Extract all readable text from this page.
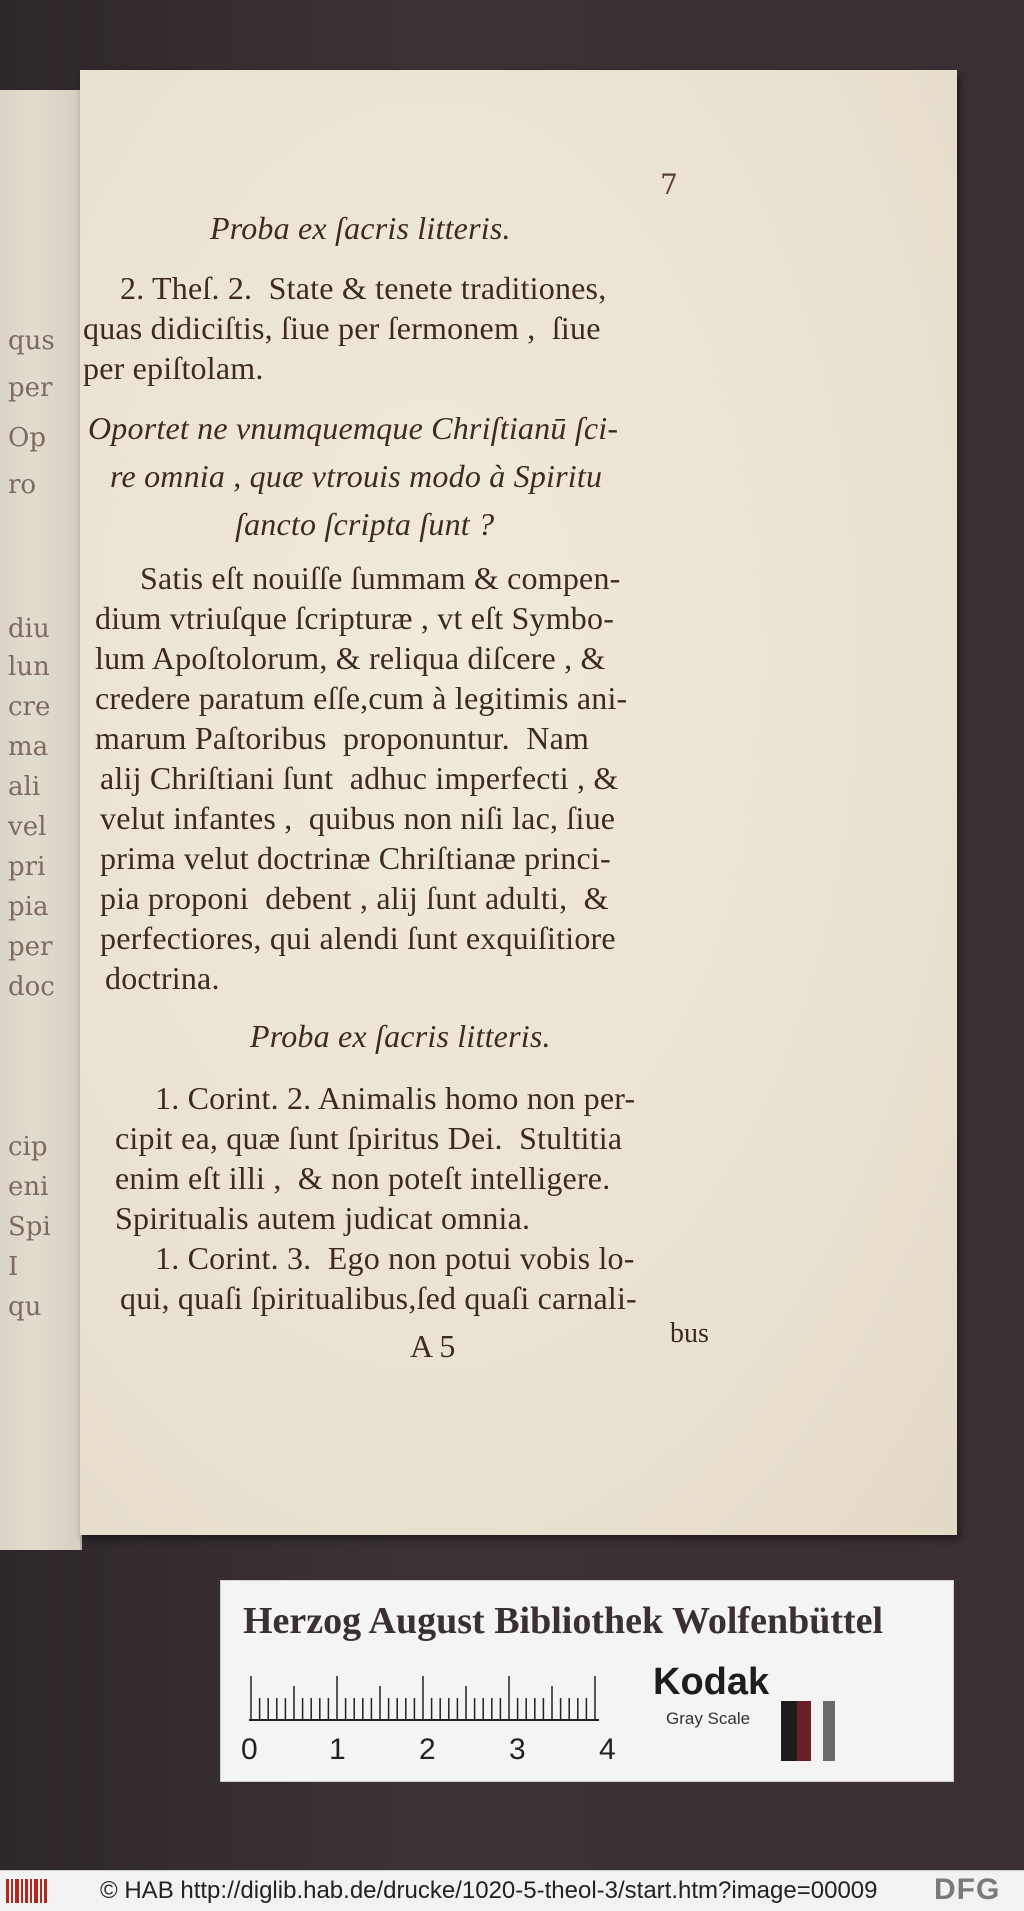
qus
per
Op
ro
diu
lun
cre
ma
ali
vel
pri
pia
per
doc
cip
eni
Spi
I
qu
7
Proba ex ſacris litteris.
2. Theſ. 2.  State & tenete traditiones,
quas didiciſtis, ſiue per ſermonem ,  ſiue
per epiſtolam.
Oportet ne vnumquemque Chriſtianū ſci-
re omnia , quæ vtrouis modo à Spiritu
ſancto ſcripta ſunt ?
Satis eſt nouiſſe ſummam & compen-
dium vtriuſque ſcripturæ , vt eſt Symbo-
lum Apoſtolorum, & reliqua diſcere , &
credere paratum eſſe,cum à legitimis ani-
marum Paſtoribus  proponuntur.  Nam
alij Chriſtiani ſunt  adhuc imperfecti , &
velut infantes ,  quibus non niſi lac, ſiue
prima velut doctrinæ Chriſtianæ princi-
pia proponi  debent , alij ſunt adulti,  &
perfectiores, qui alendi ſunt exquiſitiore
doctrina.
Proba ex ſacris litteris.
1. Corint. 2. Animalis homo non per-
cipit ea, quæ ſunt ſpiritus Dei.  Stultitia
enim eſt illi ,  & non poteſt intelligere.
Spiritualis autem judicat omnia.
1. Corint. 3.  Ego non potui vobis lo-
qui, quaſi ſpiritualibus,ſed quaſi carnali-
A 5	bus
Herzog August Bibliothek Wolfenbüttel
0 1 2 3 4
Kodak
Gray Scale
© HAB http://diglib.hab.de/drucke/1020-5-theol-3/start.htm?image=00009 DFG
